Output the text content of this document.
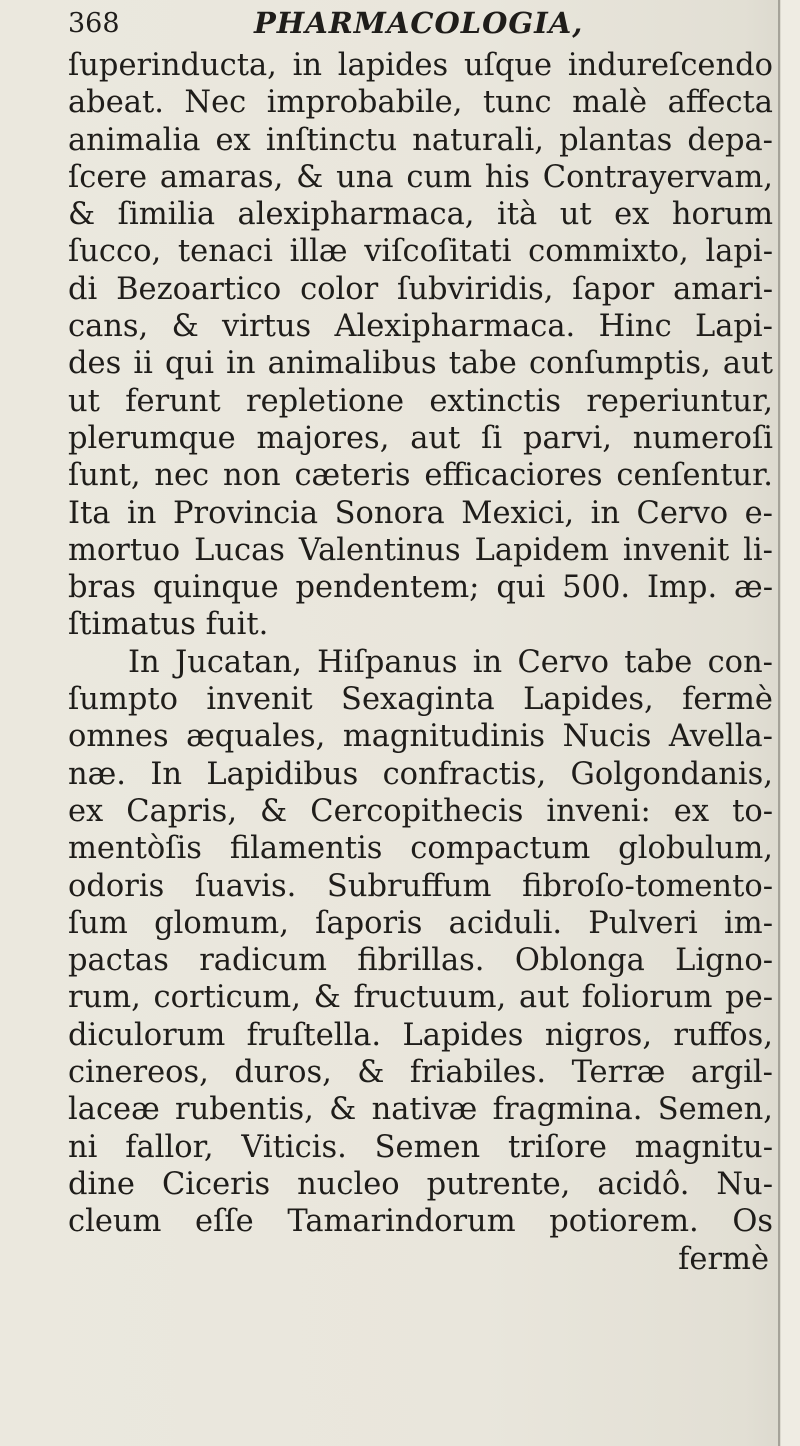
368	PHARMACOLOGIA,
ſuperinducta, in lapides uſque indureſcendo
abeat. Nec improbabile, tunc malè affecta
animalia ex inſtinctu naturali, plantas depa-
ſcere amaras, & una cum his Contrayervam,
& ſimilia alexipharmaca, ità ut ex horum
ſucco, tenaci illæ viſcoſitati commixto, lapi-
di Bezoartico color ſubviridis, ſapor amari-
cans, & virtus Alexipharmaca. Hinc Lapi-
des ii qui in animalibus tabe conſumptis, aut
ut ferunt repletione extinctis reperiuntur,
plerumque majores, aut ſi parvi, numeroſi
ſunt, nec non cæteris efficaciores cenſentur.
Ita in Provincia Sonora Mexici, in Cervo e-
mortuo Lucas Valentinus Lapidem invenit li-
bras quinque pendentem; qui 500. Imp. æ-
ſtimatus fuit.
In Jucatan, Hiſpanus in Cervo tabe con-
ſumpto invenit Sexaginta Lapides, fermè
omnes æquales, magnitudinis Nucis Avella-
næ. In Lapidibus confractis, Golgondanis,
ex Capris, & Cercopithecis inveni: ex to-
mentòſis filamentis compactum globulum,
odoris ſuavis. Subruffum fibroſo-tomento-
ſum glomum, ſaporis aciduli. Pulveri im-
pactas radicum fibrillas. Oblonga Ligno-
rum, corticum, & fructuum, aut foliorum pe-
diculorum fruſtella. Lapides nigros, ruffos,
cinereos, duros, & friabiles. Terræ argil-
laceæ rubentis, & nativæ fragmina. Semen,
ni fallor, Viticis. Semen triſore magnitu-
dine Ciceris nucleo putrente, acidô. Nu-
cleum eſſe Tamarindorum potiorem. Os
fermè
